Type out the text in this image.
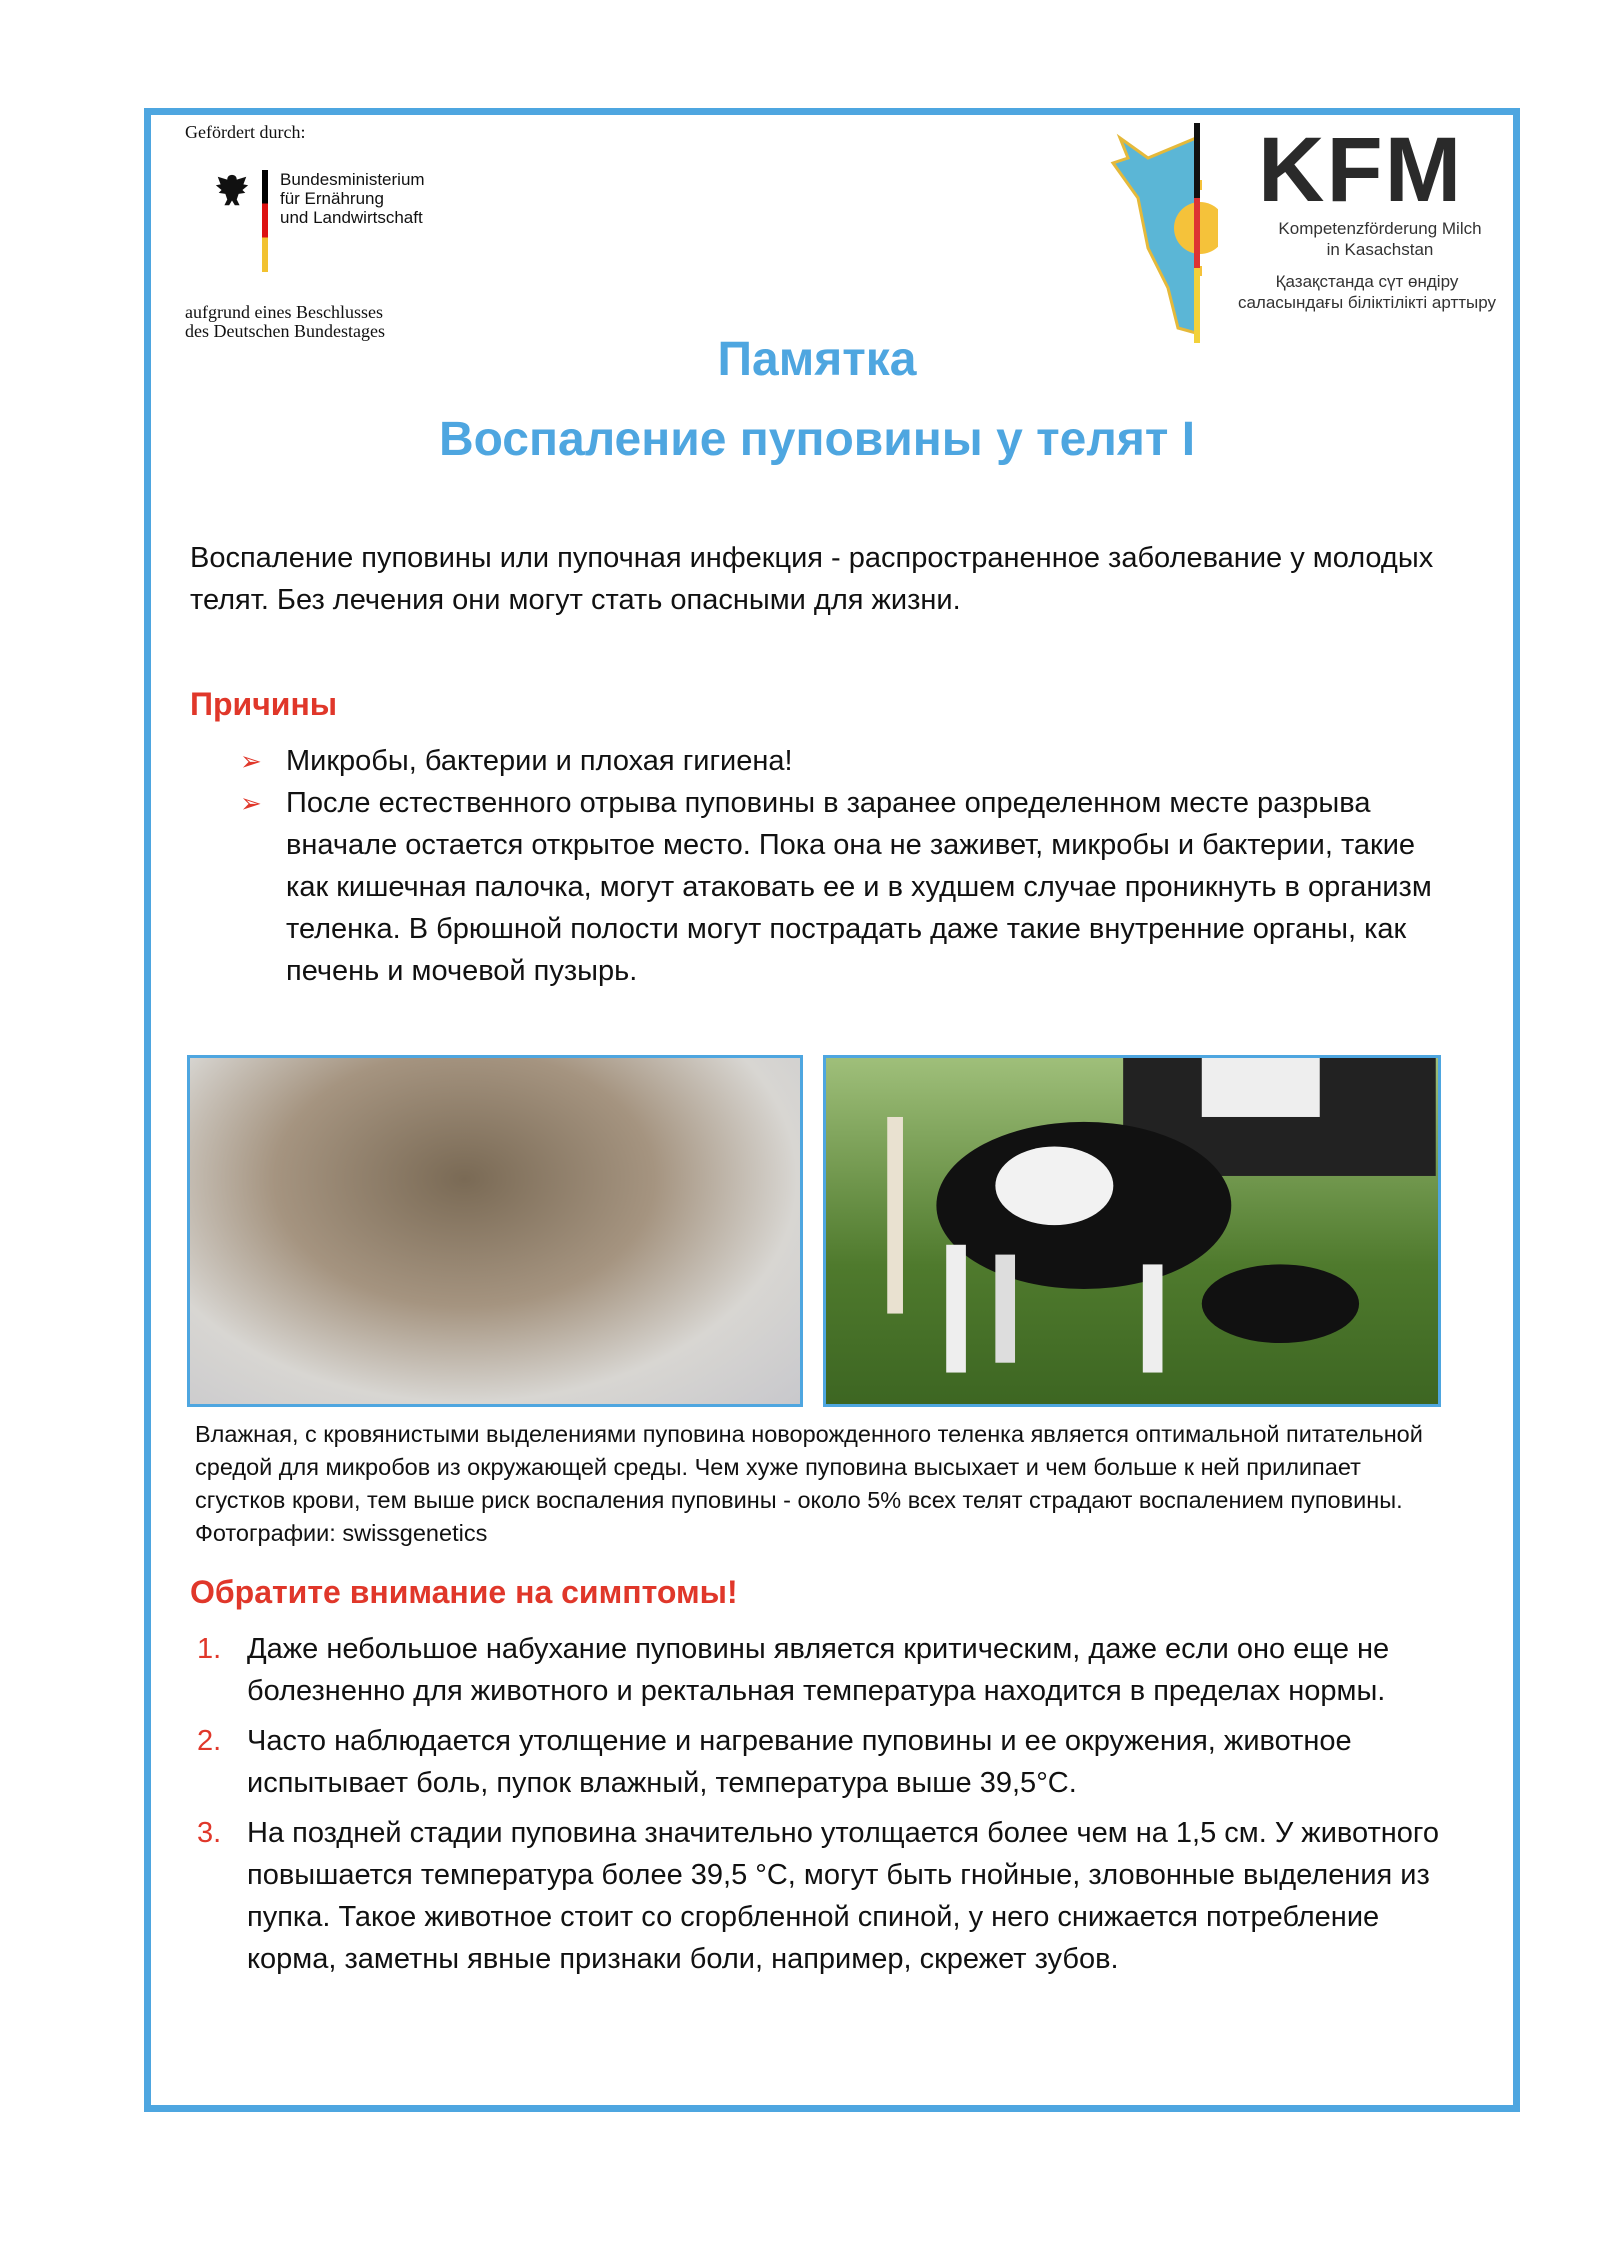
Gefördert durch:
Bundesministerium
für Ernährung
und Landwirtschaft
aufgrund eines Beschlusses
des Deutschen Bundestages
KFM
Kompetenzförderung Milch
in Kasachstan
Қазақстанда сүт өндіру
саласындағы біліктілікті арттыру
Памятка
Воспаление пуповины у телят I

Воспаление пуповины или пупочная инфекция - распространенное заболевание у молодых телят. Без лечения они могут стать опасными для жизни.

Причины
➢ Микробы, бактерии и плохая гигиена!
➢ После естественного отрыва пуповины в заранее определенном месте разрыва вначале остается открытое место. Пока она не заживет, микробы и бактерии, такие как кишечная палочка, могут атаковать ее и в худшем случае проникнуть в организм теленка. В брюшной полости могут пострадать даже такие внутренние органы, как печень и мочевой пузырь.

Влажная, с кровянистыми выделениями пуповина новорожденного теленка является оптимальной питательной средой для микробов из окружающей среды. Чем хуже пуповина высыхает и чем больше к ней прилипает сгустков крови, тем выше риск воспаления пуповины - около 5% всех телят страдают воспалением пуповины. Фотографии: swissgenetics

Обратите внимание на симптомы!
1. Даже небольшое набухание пуповины является критическим, даже если оно еще не болезненно для животного и ректальная температура находится в пределах нормы.
2. Часто наблюдается утолщение и нагревание пуповины и ее окружения, животное испытывает боль, пупок влажный, температура выше 39,5°C.
3. На поздней стадии пуповина значительно утолщается более чем на 1,5 см. У животного повышается температура более 39,5 °C, могут быть гнойные, зловонные выделения из пупка. Такое животное стоит со сгорбленной спиной, у него снижается потребление корма, заметны явные признаки боли, например, скрежет зубов.
